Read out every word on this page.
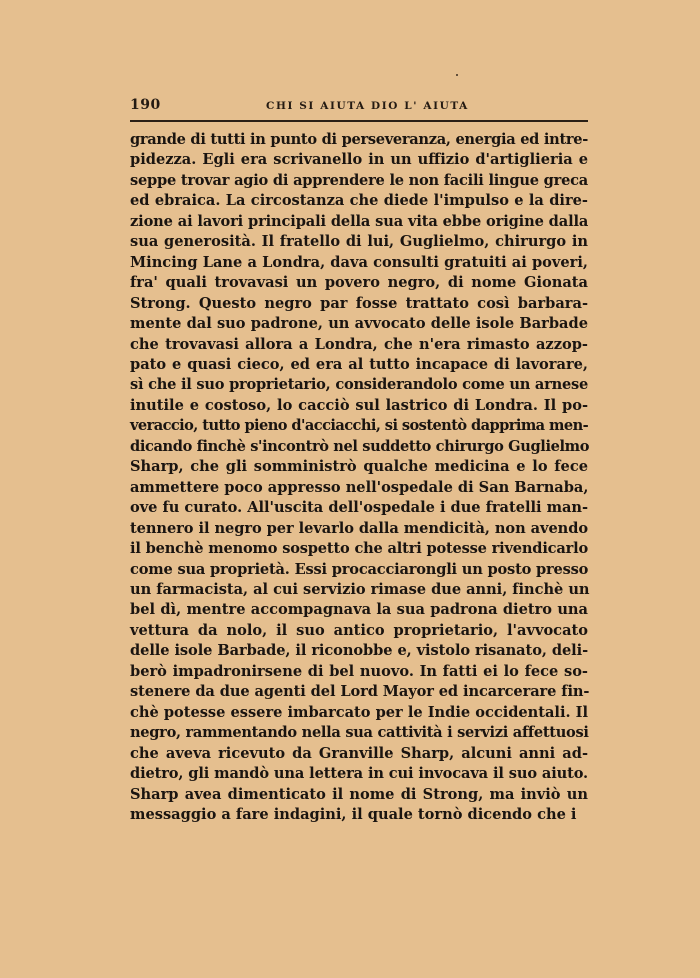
190	CHI SI AIUTA DIO L' AIUTA
grande di tutti in punto di perseveranza, energia ed intre-
pidezza. Egli era scrivanello in un uffizio d'artiglieria e
seppe trovar agio di apprendere le non facili lingue greca
ed ebraica. La circostanza che diede l'impulso e la dire-
zione ai lavori principali della sua vita ebbe origine dalla
sua generosità. Il fratello di lui, Guglielmo, chirurgo in
Mincing Lane a Londra, dava consulti gratuiti ai poveri,
fra' quali trovavasi un povero negro, di nome Gionata
Strong. Questo negro par fosse trattato così barbara-
mente dal suo padrone, un avvocato delle isole Barbade
che trovavasi allora a Londra, che n'era rimasto azzop-
pato e quasi cieco, ed era al tutto incapace di lavorare,
sì che il suo proprietario, considerandolo come un arnese
inutile e costoso, lo cacciò sul lastrico di Londra. Il po-
veraccio, tutto pieno d'acciacchi, si sostentò dapprima men-
dicando finchè s'incontrò nel suddetto chirurgo Guglielmo
Sharp, che gli somministrò qualche medicina e lo fece
ammettere poco appresso nell'ospedale di San Barnaba,
ove fu curato. All'uscita dell'ospedale i due fratelli man-
tennero il negro per levarlo dalla mendicità, non avendo
il benchè menomo sospetto che altri potesse rivendicarlo
come sua proprietà. Essi procacciarongli un posto presso
un farmacista, al cui servizio rimase due anni, finchè un
bel dì, mentre accompagnava la sua padrona dietro una
vettura da nolo, il suo antico proprietario, l'avvocato
delle isole Barbade, il riconobbe e, vistolo risanato, deli-
berò impadronirsene di bel nuovo. In fatti ei lo fece so-
stenere da due agenti del Lord Mayor ed incarcerare fin-
chè potesse essere imbarcato per le Indie occidentali. Il
negro, rammentando nella sua cattività i servizi affettuosi
che aveva ricevuto da Granville Sharp, alcuni anni ad-
dietro, gli mandò una lettera in cui invocava il suo aiuto.
Sharp avea dimenticato il nome di Strong, ma inviò un
messaggio a fare indagini, il quale tornò dicendo che i
